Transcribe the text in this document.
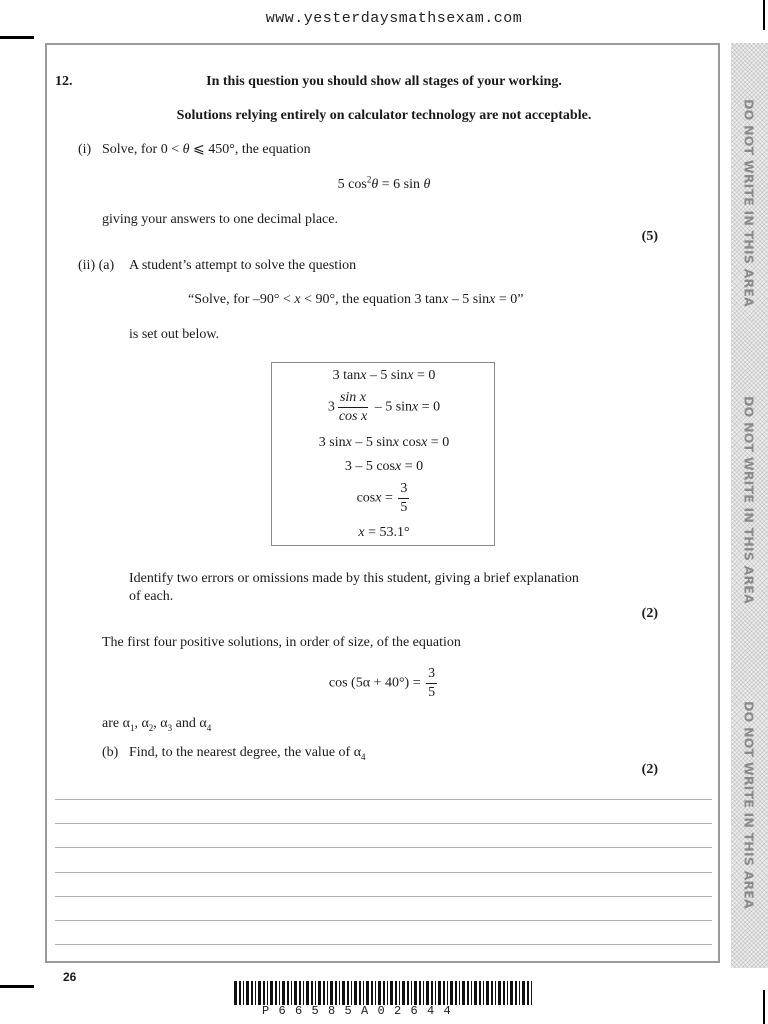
www.yesterdaysmathsexam.com
DO NOT WRITE IN THIS AREA
DO NOT WRITE IN THIS AREA
DO NOT WRITE IN THIS AREA
12.	In this question you should show all stages of your working.
Solutions relying entirely on calculator technology are not acceptable.
(i) Solve, for 0 < θ ⩽ 450°, the equation
5 $\cos^2\theta = 6$ sin θ
giving your answers to one decimal place.
(5)
(ii) (a) A student’s attempt to solve the question
“Solve, for –90° < x < 90°, the equation 3 tanx – 5 sinx = 0”
is set out below.
3 tanx – 5 sinx = 0
$3 \frac{\text{sin x}}{\text{cos x}} - 5$ sinx = 0
3 sinx – 5 sinx cosx = 0
3 – 5 cosx = 0
$\cos x = \frac{3}{5}$
x = 53.1°
Identify two errors or omissions made by this student, giving a brief explanation
of each.
(2)
The first four positive solutions, in order of size, of the equation
$\cos (5\alpha + 40^\circ) = \frac{3}{5}$
are $\alpha_1$, $\alpha_2$, $\alpha_3$ and $\alpha_4$
(b) Find, to the nearest degree, the value of $\alpha_4$
(2)
26
P66585A02644
